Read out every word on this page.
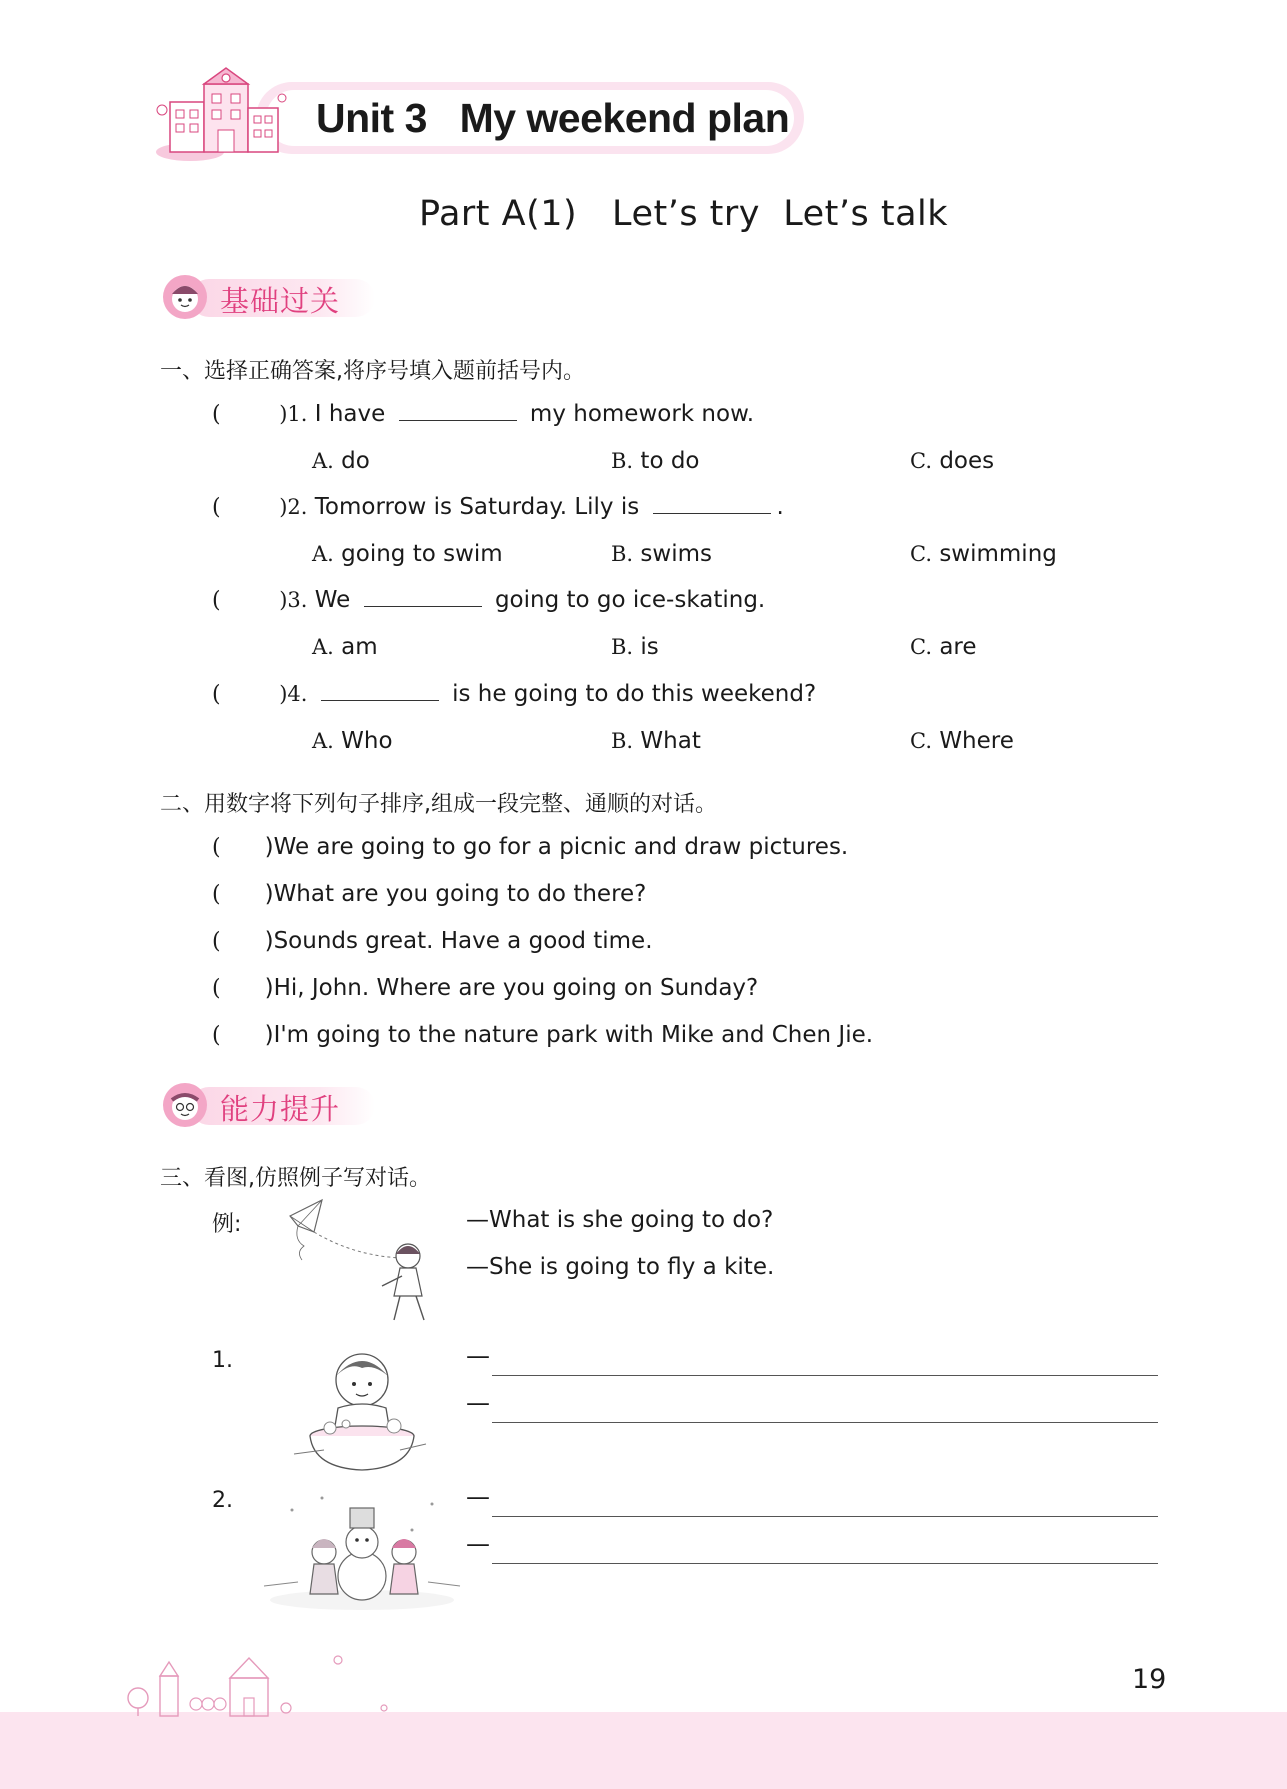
Unit 3   My weekend plan
Part A(1)   Let’s try  Let’s talk
基础过关
一、选择正确答案,将序号填入题前括号内。
(	)1. I have	my homework now.
A. do	B. to do	C. does
(	)2. Tomorrow is Saturday. Lily is	.
A. going to swim	B. swims	C. swimming
(	)3. We	going to go ice-skating.
A. am	B. is	C. are
(	)4.	is he going to do this weekend?
A. Who	B. What	C. Where
二、用数字将下列句子排序,组成一段完整、通顺的对话。
( )We are going to go for a picnic and draw pictures.
( )What are you going to do there?
( )Sounds great. Have a good time.
( )Hi, John. Where are you going on Sunday?
( )I'm going to the nature park with Mike and Chen Jie.
能力提升
三、看图,仿照例子写对话。
例:	—What is she going to do?
—She is going to fly a kite.
1.	—
—
2.	—
—
19
